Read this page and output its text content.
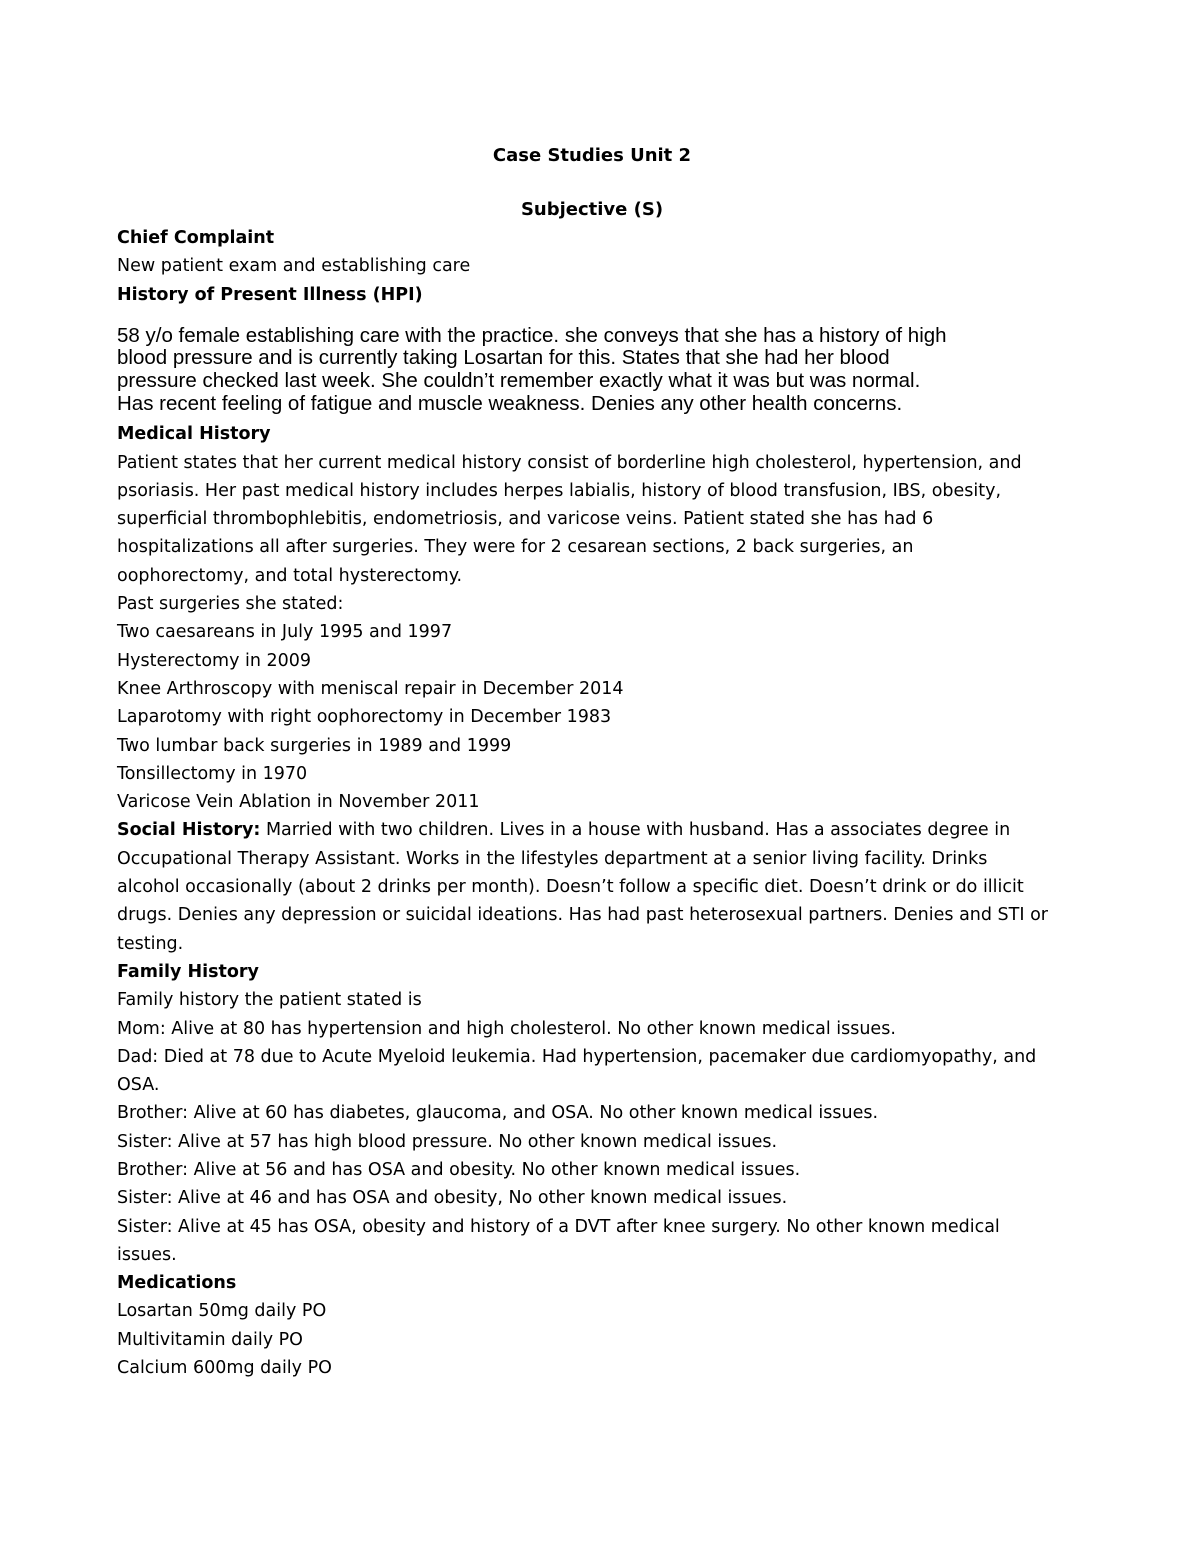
Case Studies Unit 2
Subjective (S)
Chief Complaint
New patient exam and establishing care
History of Present Illness (HPI)
58 y/o female establishing care with the practice. she conveys that she has a history of high
blood pressure and is currently taking Losartan for this. States that she had her blood
pressure checked last week. She couldn’t remember exactly what it was but was normal.
Has recent feeling of fatigue and muscle weakness. Denies any other health concerns.
Medical History
Patient states that her current medical history consist of borderline high cholesterol, hypertension, and
psoriasis. Her past medical history includes herpes labialis, history of blood transfusion, IBS, obesity,
superficial thrombophlebitis, endometriosis, and varicose veins. Patient stated she has had 6
hospitalizations all after surgeries. They were for 2 cesarean sections, 2 back surgeries, an
oophorectomy, and total hysterectomy.
Past surgeries she stated:
Two caesareans in July 1995 and 1997
Hysterectomy in 2009
Knee Arthroscopy with meniscal repair in December 2014
Laparotomy with right oophorectomy in December 1983
Two lumbar back surgeries in 1989 and 1999
Tonsillectomy in 1970
Varicose Vein Ablation in November 2011
Social History: Married with two children. Lives in a house with husband. Has a associates degree in
Occupational Therapy Assistant. Works in the lifestyles department at a senior living facility. Drinks
alcohol occasionally (about 2 drinks per month). Doesn’t follow a specific diet. Doesn’t drink or do illicit
drugs. Denies any depression or suicidal ideations. Has had past heterosexual partners. Denies and STI or
testing.
Family History
Family history the patient stated is
Mom: Alive at 80 has hypertension and high cholesterol. No other known medical issues.
Dad: Died at 78 due to Acute Myeloid leukemia. Had hypertension, pacemaker due cardiomyopathy, and
OSA.
Brother: Alive at 60 has diabetes, glaucoma, and OSA. No other known medical issues.
Sister: Alive at 57 has high blood pressure. No other known medical issues.
Brother: Alive at 56 and has OSA and obesity. No other known medical issues.
Sister: Alive at 46 and has OSA and obesity, No other known medical issues.
Sister: Alive at 45 has OSA, obesity and history of a DVT after knee surgery. No other known medical
issues.
Medications
Losartan 50mg daily PO
Multivitamin daily PO
Calcium 600mg daily PO
